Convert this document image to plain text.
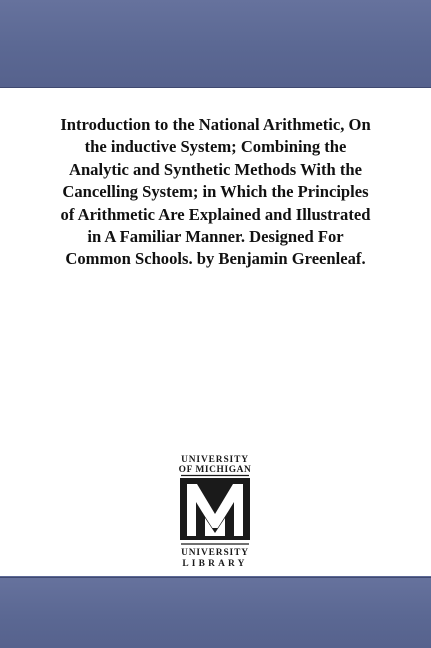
Introduction to the National Arithmetic, On the inductive System; Combining the Analytic and Synthetic Methods With the Cancelling System; in Which the Principles of Arithmetic Are Explained and Illustrated in A Familiar Manner. Designed For Common Schools. by Benjamin Greenleaf.
UNIVERSITY
OF MICHIGAN
UNIVERSITY
LIBRARY
